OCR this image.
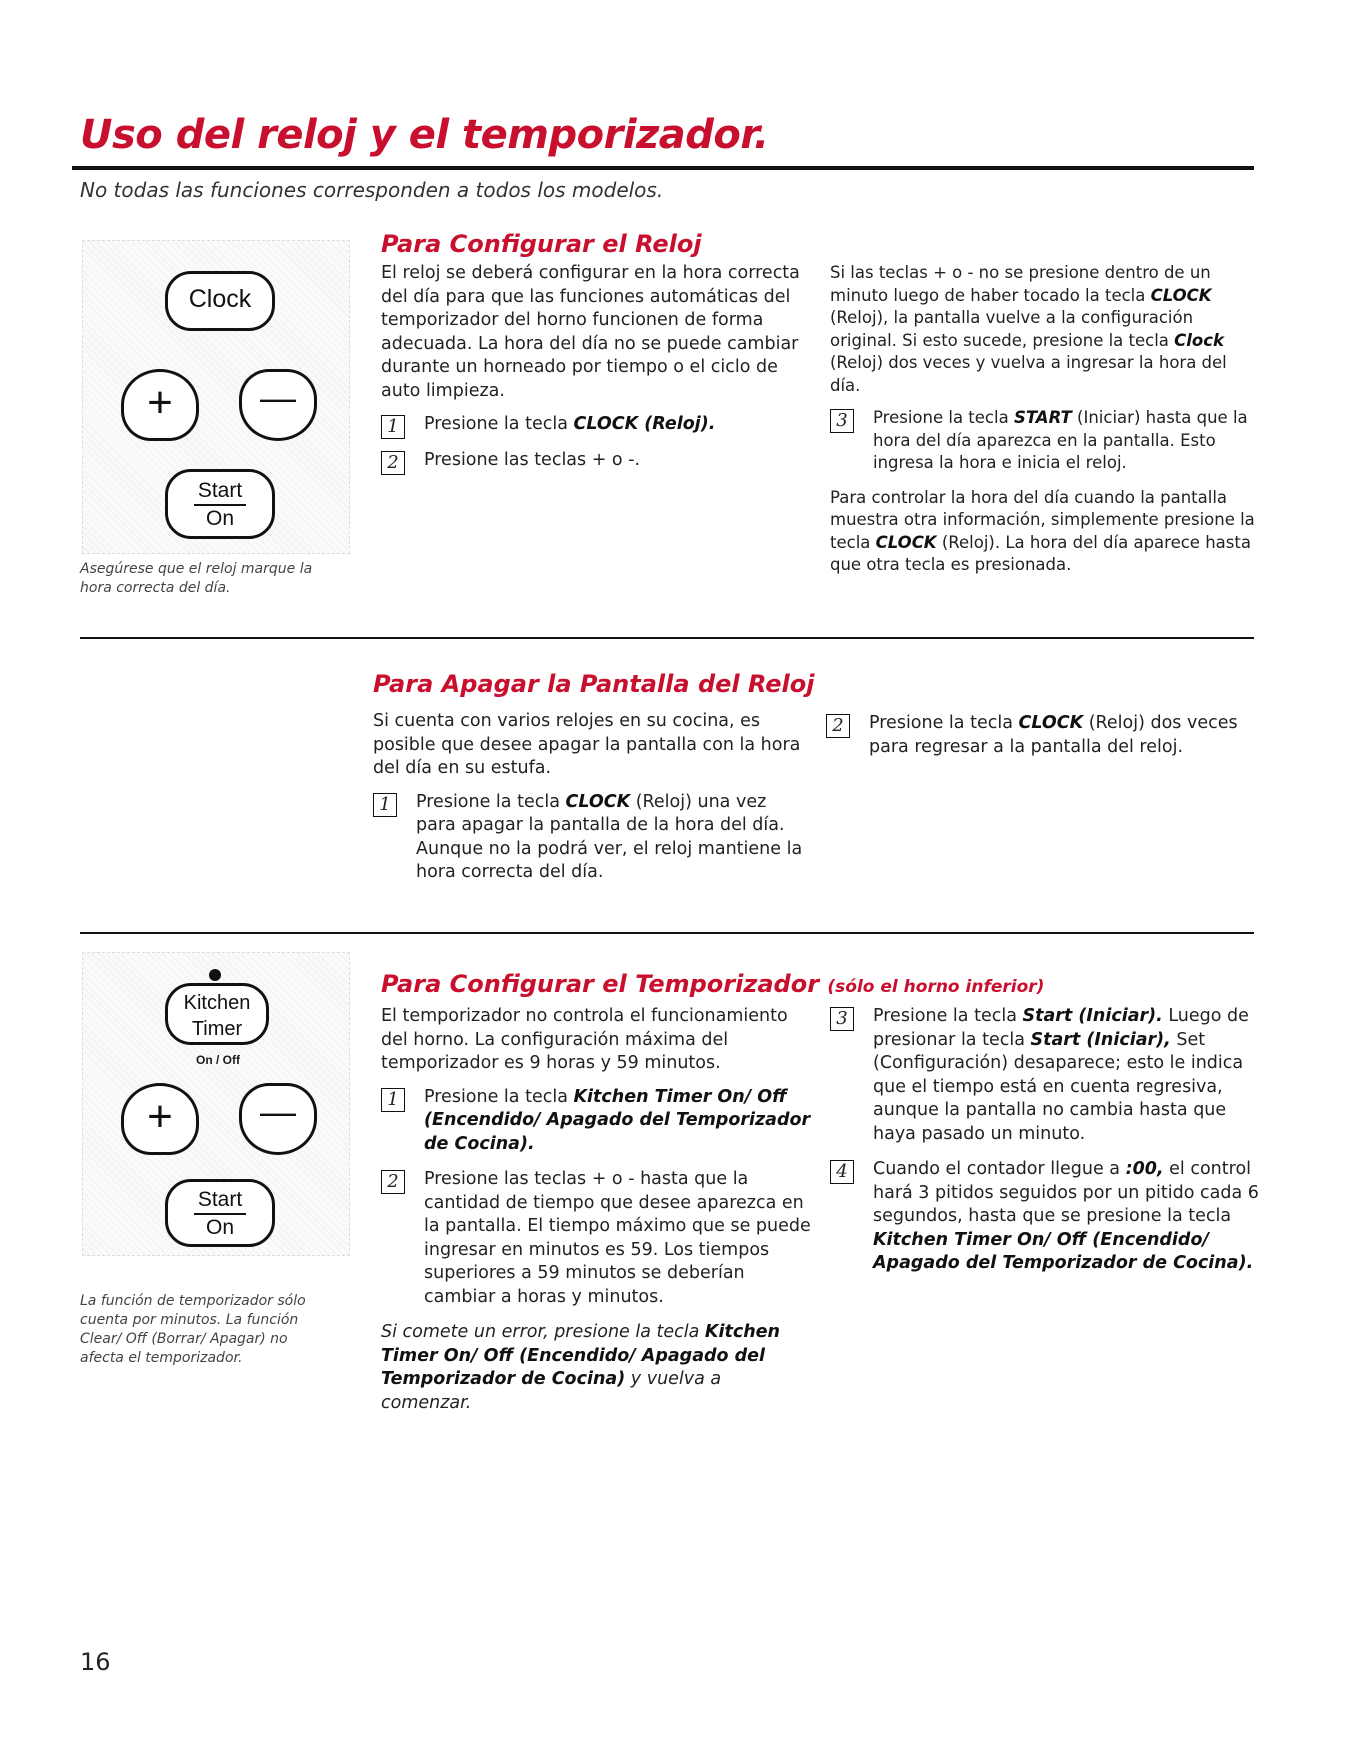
Uso del reloj y el temporizador.
No todas las funciones corresponden a todos los modelos.
Clock
+	—
Start
On
Asegúrese que el reloj marque la hora correcta del día.
Para Configurar el Reloj

El reloj se deberá configurar en la hora correcta del día para que las funciones automáticas del temporizador del horno funcionen de forma adecuada. La hora del día no se puede cambiar durante un horneado por tiempo o el ciclo de auto limpieza.

1	Presione la tecla CLOCK (Reloj).
2	Presione las teclas + o -.

Si las teclas + o - no se presione dentro de un minuto luego de haber tocado la tecla CLOCK (Reloj), la pantalla vuelve a la configuración original. Si esto sucede, presione la tecla Clock (Reloj) dos veces y vuelva a ingresar la hora del día.

3	Presione la tecla START (Iniciar) hasta que la hora del día aparezca en la pantalla. Esto ingresa la hora e inicia el reloj.

Para controlar la hora del día cuando la pantalla muestra otra información, simplemente presione la tecla CLOCK (Reloj). La hora del día aparece hasta que otra tecla es presionada.

Para Apagar la Pantalla del Reloj

Si cuenta con varios relojes en su cocina, es posible que desee apagar la pantalla con la hora del día en su estufa.

1	Presione la tecla CLOCK (Reloj) una vez para apagar la pantalla de la hora del día. Aunque no la podrá ver, el reloj mantiene la hora correcta del día.
2	Presione la tecla CLOCK (Reloj) dos veces para regresar a la pantalla del reloj.
Kitchen
Timer
On / Off
+	—
Start
On
La función de temporizador sólo cuenta por minutos. La función Clear/ Off (Borrar/ Apagar) no afecta el temporizador.
Para Configurar el Temporizador (sólo el horno inferior)

El temporizador no controla el funcionamiento del horno. La configuración máxima del temporizador es 9 horas y 59 minutos.

1	Presione la tecla Kitchen Timer On/ Off (Encendido/ Apagado del Temporizador de Cocina).
2	Presione las teclas + o - hasta que la cantidad de tiempo que desee aparezca en la pantalla. El tiempo máximo que se puede ingresar en minutos es 59. Los tiempos superiores a 59 minutos se deberían cambiar a horas y minutos.

Si comete un error, presione la tecla Kitchen Timer On/ Off (Encendido/ Apagado del Temporizador de Cocina) y vuelva a comenzar.

3	Presione la tecla Start (Iniciar). Luego de presionar la tecla Start (Iniciar), Set (Configuración) desaparece; esto le indica que el tiempo está en cuenta regresiva, aunque la pantalla no cambia hasta que haya pasado un minuto.
4	Cuando el contador llegue a :00, el control hará 3 pitidos seguidos por un pitido cada 6 segundos, hasta que se presione la tecla Kitchen Timer On/ Off (Encendido/ Apagado del Temporizador de Cocina).
16
